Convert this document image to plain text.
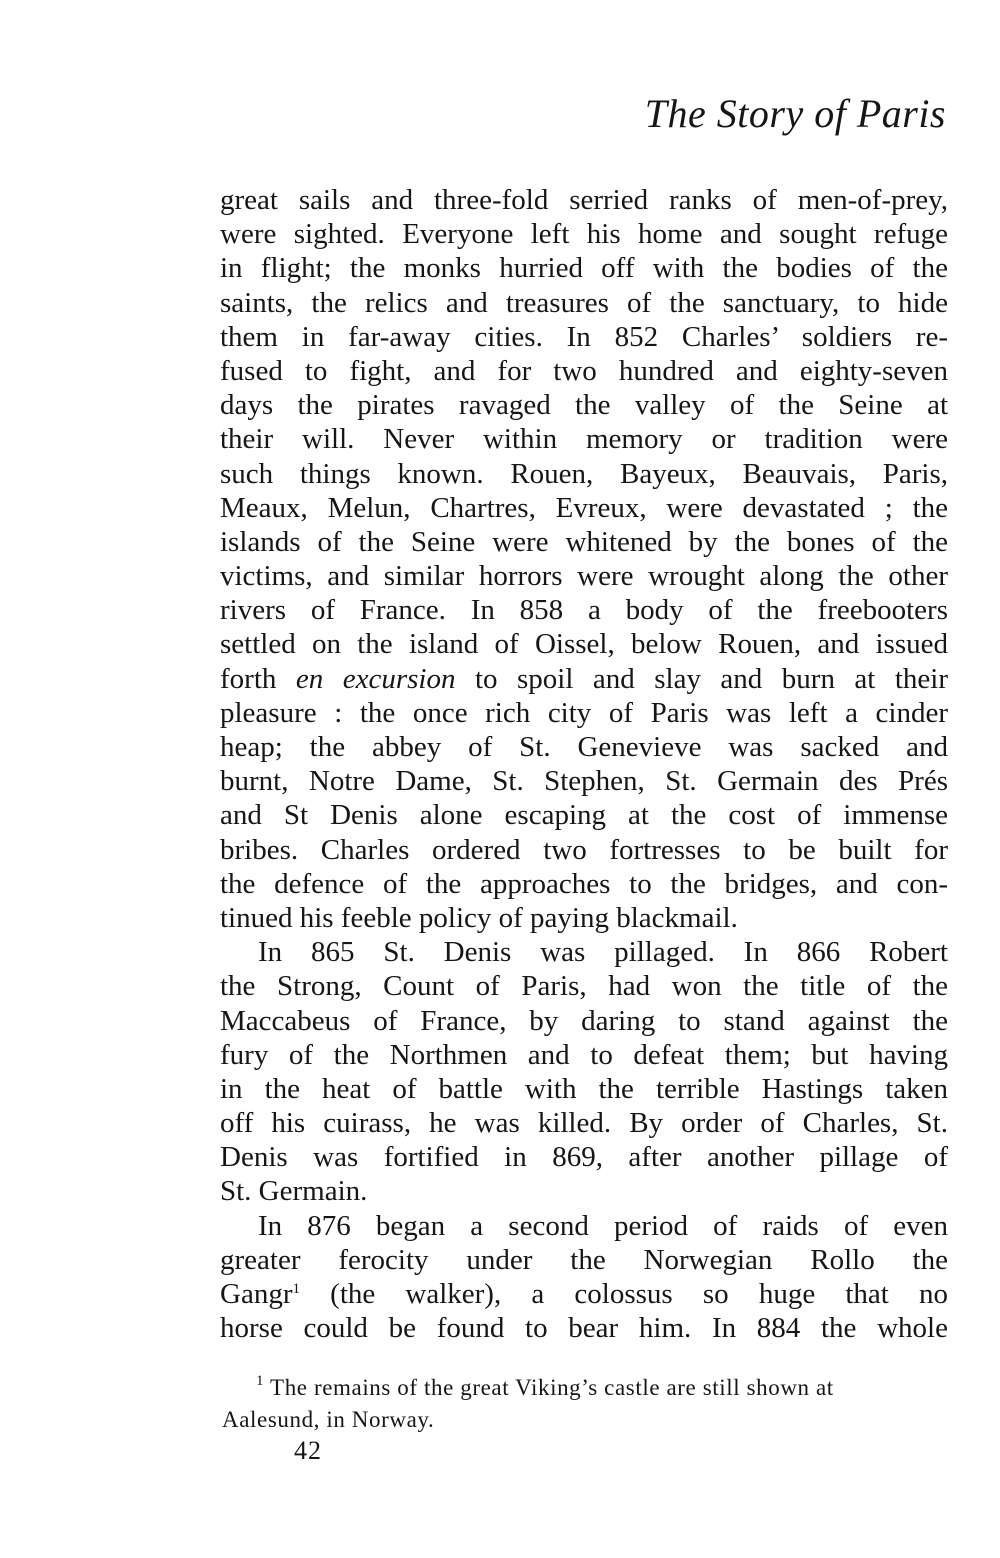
The Story of Paris
great sails and three-fold serried ranks of men-of-prey,
were sighted. Everyone left his home and sought refuge
in flight; the monks hurried off with the bodies of the
saints, the relics and treasures of the sanctuary, to hide
them in far-away cities. In 852 Charles’ soldiers re-
fused to fight, and for two hundred and eighty-seven
days the pirates ravaged the valley of the Seine at
their will. Never within memory or tradition were
such things known. Rouen, Bayeux, Beauvais, Paris,
Meaux, Melun, Chartres, Evreux, were devastated ; the
islands of the Seine were whitened by the bones of the
victims, and similar horrors were wrought along the other
rivers of France. In 858 a body of the freebooters
settled on the island of Oissel, below Rouen, and issued
forth en excursion to spoil and slay and burn at their
pleasure : the once rich city of Paris was left a cinder
heap; the abbey of St. Genevieve was sacked and
burnt, Notre Dame, St. Stephen, St. Germain des Prés
and St Denis alone escaping at the cost of immense
bribes. Charles ordered two fortresses to be built for
the defence of the approaches to the bridges, and con-
tinued his feeble policy of paying blackmail.
In 865 St. Denis was pillaged. In 866 Robert
the Strong, Count of Paris, had won the title of the
Maccabeus of France, by daring to stand against the
fury of the Northmen and to defeat them; but having
in the heat of battle with the terrible Hastings taken
off his cuirass, he was killed. By order of Charles, St.
Denis was fortified in 869, after another pillage of
St. Germain.
In 876 began a second period of raids of even
greater ferocity under the Norwegian Rollo the
Gangr$^1$ (the walker), a colossus so huge that no
horse could be found to bear him. In 884 the whole
$^1$ The remains of the great Viking’s castle are still shown at
Aalesund, in Norway.
42
